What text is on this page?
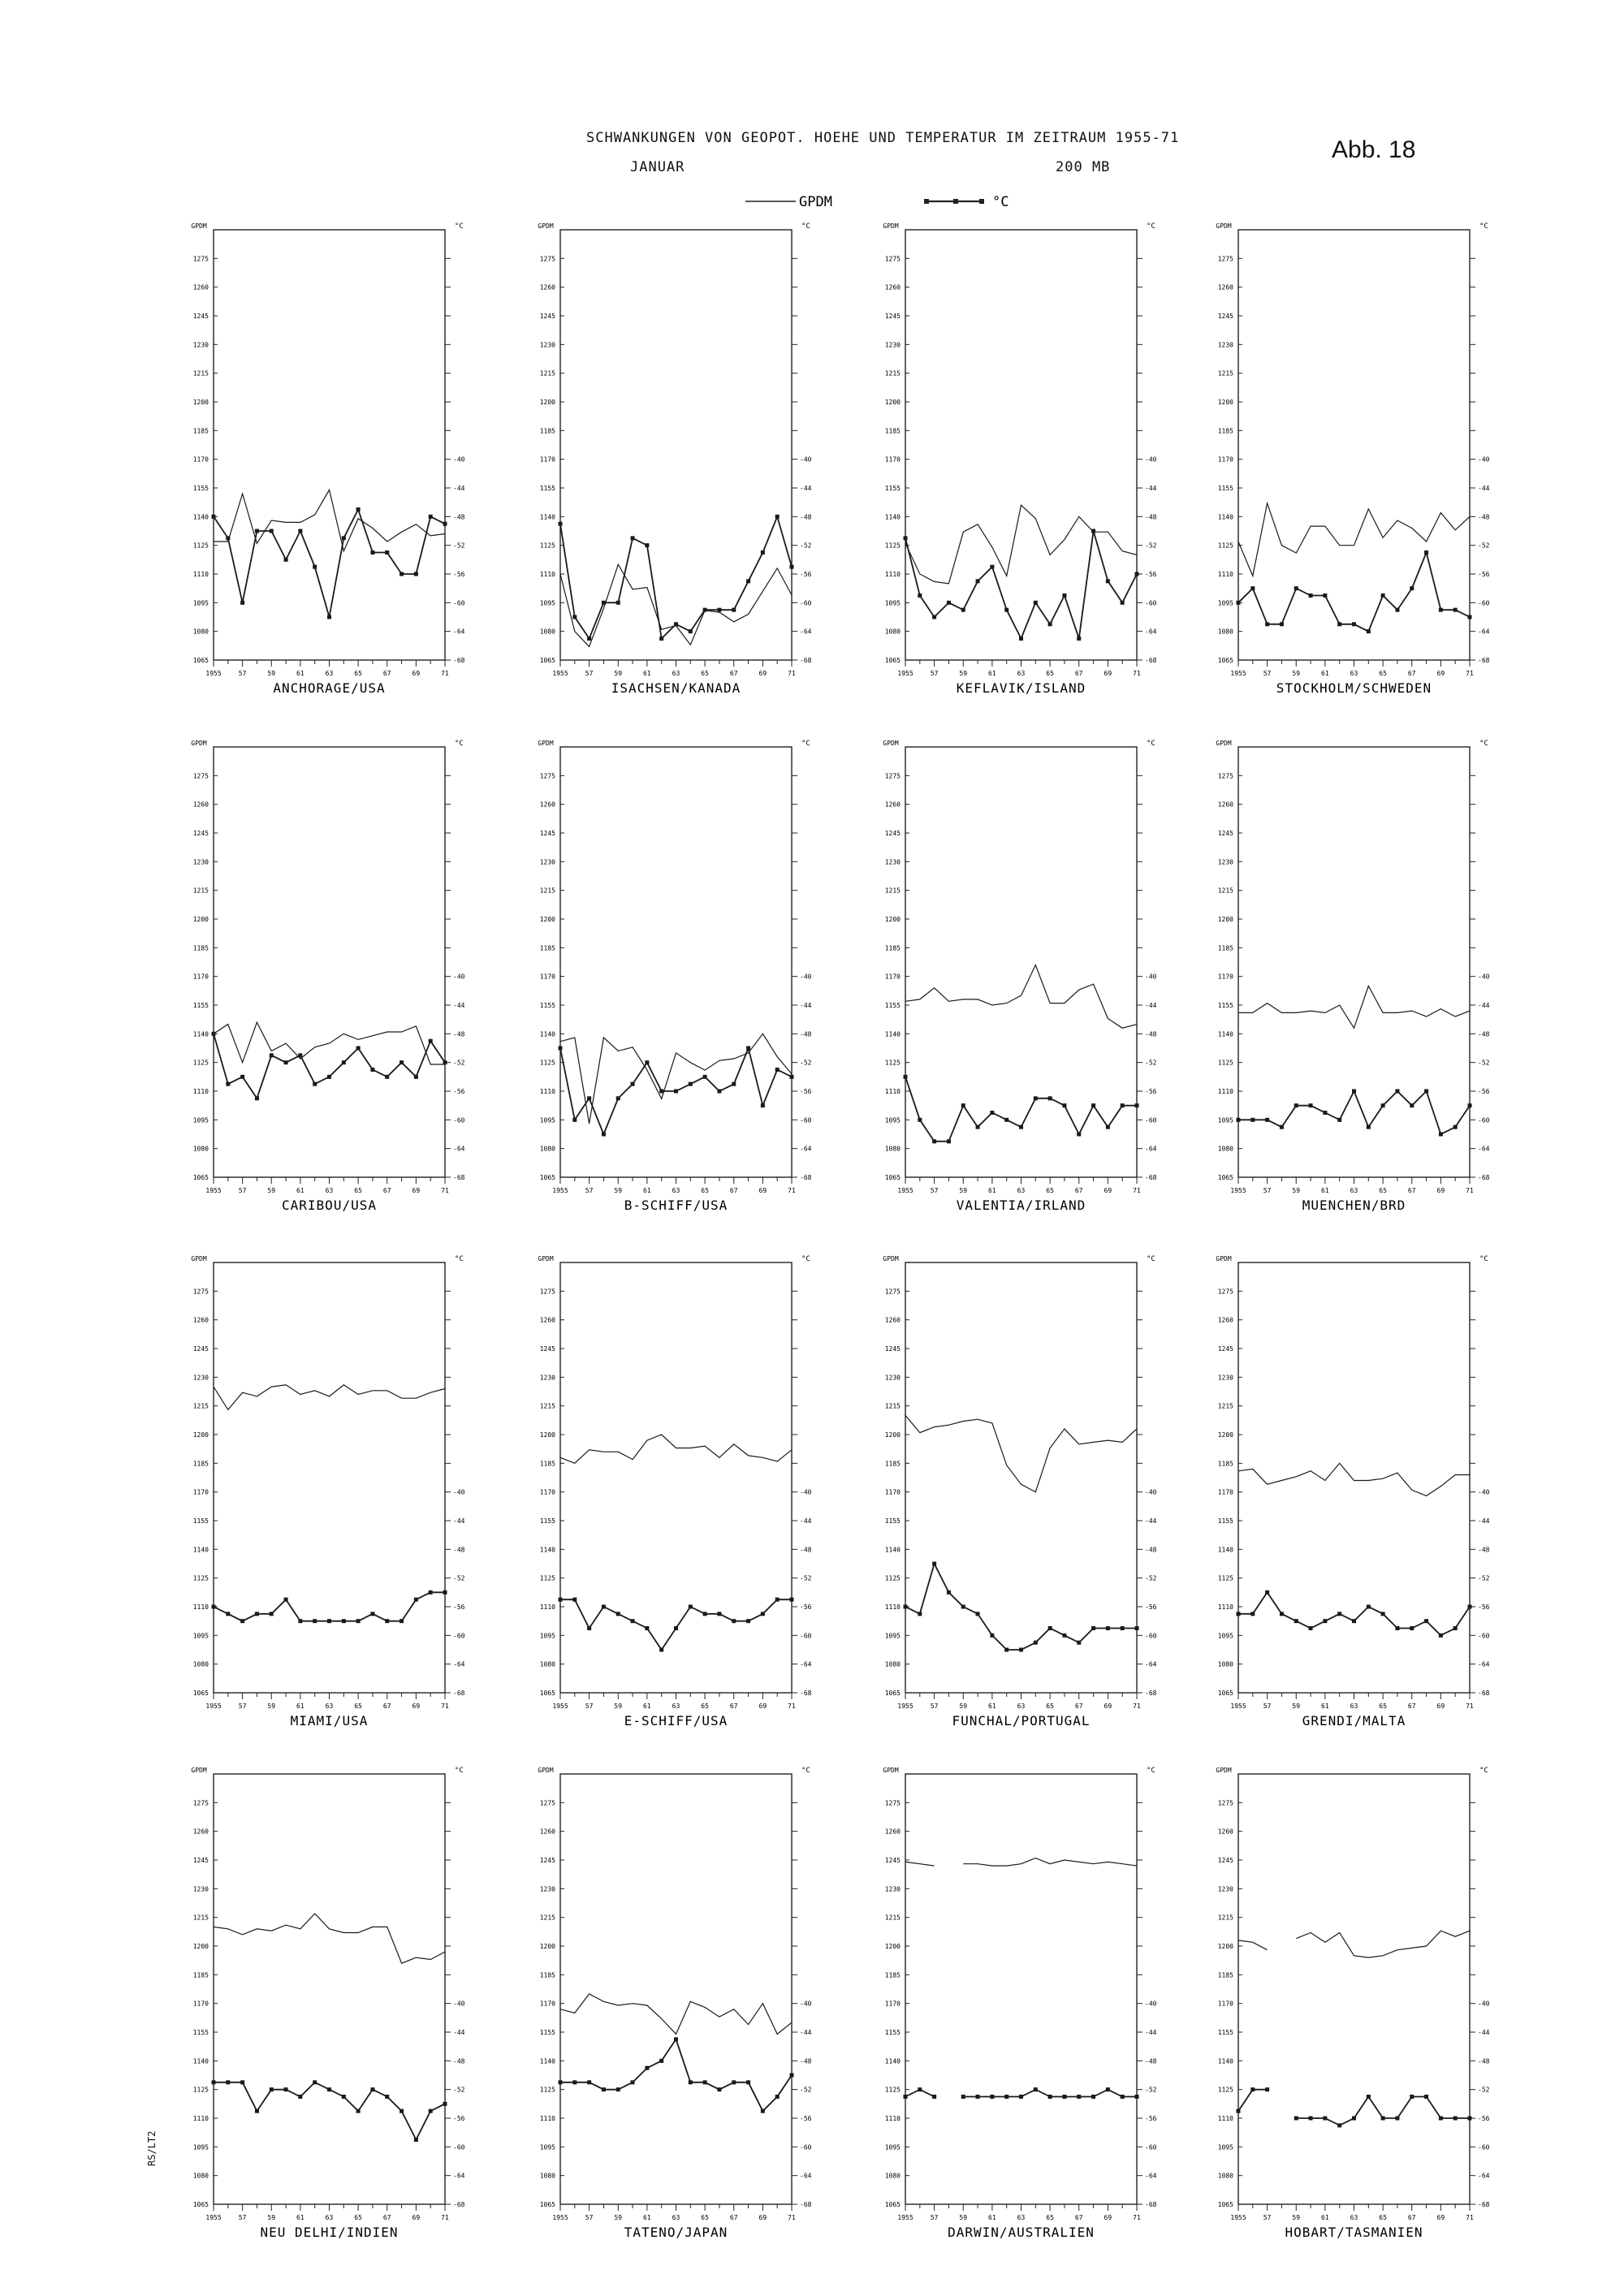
SCHWANKUNGEN VON GEOPOT. HOEHE UND TEMPERATUR IM ZEITRAUM 1955-71
JANUAR	200 MB
Abb. 18
GPDM	°C
GPDM	°C
1065
1080
1095
1110
1125
1140
1155
1170
1185
1200
1215
1230
1245
1260
1275
-40
-44
-48
-52
-56
-60
-64
-68
1955	57	59	61	63	65	67	69	71
ANCHORAGE/USA
GPDM	°C
1065
1080
1095
1110
1125
1140
1155
1170
1185
1200
1215
1230
1245
1260
1275
-40
-44
-48
-52
-56
-60
-64
-68
1955	57	59	61	63	65	67	69	71
ISACHSEN/KANADA
GPDM	°C
1065
1080
1095
1110
1125
1140
1155
1170
1185
1200
1215
1230
1245
1260
1275
-40
-44
-48
-52
-56
-60
-64
-68
1955	57	59	61	63	65	67	69	71
KEFLAVIK/ISLAND
GPDM	°C
1065
1080
1095
1110
1125
1140
1155
1170
1185
1200
1215
1230
1245
1260
1275
-40
-44
-48
-52
-56
-60
-64
-68
1955	57	59	61	63	65	67	69	71
STOCKHOLM/SCHWEDEN
GPDM	°C
1065
1080
1095
1110
1125
1140
1155
1170
1185
1200
1215
1230
1245
1260
1275
-40
-44
-48
-52
-56
-60
-64
-68
1955	57	59	61	63	65	67	69	71
CARIBOU/USA
GPDM	°C
1065
1080
1095
1110
1125
1140
1155
1170
1185
1200
1215
1230
1245
1260
1275
-40
-44
-48
-52
-56
-60
-64
-68
1955	57	59	61	63	65	67	69	71
B-SCHIFF/USA
GPDM	°C
1065
1080
1095
1110
1125
1140
1155
1170
1185
1200
1215
1230
1245
1260
1275
-40
-44
-48
-52
-56
-60
-64
-68
1955	57	59	61	63	65	67	69	71
VALENTIA/IRLAND
GPDM	°C
1065
1080
1095
1110
1125
1140
1155
1170
1185
1200
1215
1230
1245
1260
1275
-40
-44
-48
-52
-56
-60
-64
-68
1955	57	59	61	63	65	67	69	71
MUENCHEN/BRD
GPDM	°C
1065
1080
1095
1110
1125
1140
1155
1170
1185
1200
1215
1230
1245
1260
1275
-40
-44
-48
-52
-56
-60
-64
-68
1955	57	59	61	63	65	67	69	71
MIAMI/USA
GPDM	°C
1065
1080
1095
1110
1125
1140
1155
1170
1185
1200
1215
1230
1245
1260
1275
-40
-44
-48
-52
-56
-60
-64
-68
1955	57	59	61	63	65	67	69	71
E-SCHIFF/USA
GPDM	°C
1065
1080
1095
1110
1125
1140
1155
1170
1185
1200
1215
1230
1245
1260
1275
-40
-44
-48
-52
-56
-60
-64
-68
1955	57	59	61	63	65	67	69	71
FUNCHAL/PORTUGAL
GPDM	°C
1065
1080
1095
1110
1125
1140
1155
1170
1185
1200
1215
1230
1245
1260
1275
-40
-44
-48
-52
-56
-60
-64
-68
1955	57	59	61	63	65	67	69	71
GRENDI/MALTA
GPDM	°C
1065
1080
1095
1110
1125
1140
1155
1170
1185
1200
1215
1230
1245
1260
1275
-40
-44
-48
-52
-56
-60
-64
-68
1955	57	59	61	63	65	67	69	71
NEU DELHI/INDIEN
GPDM	°C
1065
1080
1095
1110
1125
1140
1155
1170
1185
1200
1215
1230
1245
1260
1275
-40
-44
-48
-52
-56
-60
-64
-68
1955	57	59	61	63	65	67	69	71
TATENO/JAPAN
GPDM	°C
1065
1080
1095
1110
1125
1140
1155
1170
1185
1200
1215
1230
1245
1260
1275
-40
-44
-48
-52
-56
-60
-64
-68
1955	57	59	61	63	65	67	69	71
DARWIN/AUSTRALIEN
GPDM	°C
1065
1080
1095
1110
1125
1140
1155
1170
1185
1200
1215
1230
1245
1260
1275
-40
-44
-48
-52
-56
-60
-64
-68
1955	57	59	61	63	65	67	69	71
HOBART/TASMANIEN
RS/LT2
